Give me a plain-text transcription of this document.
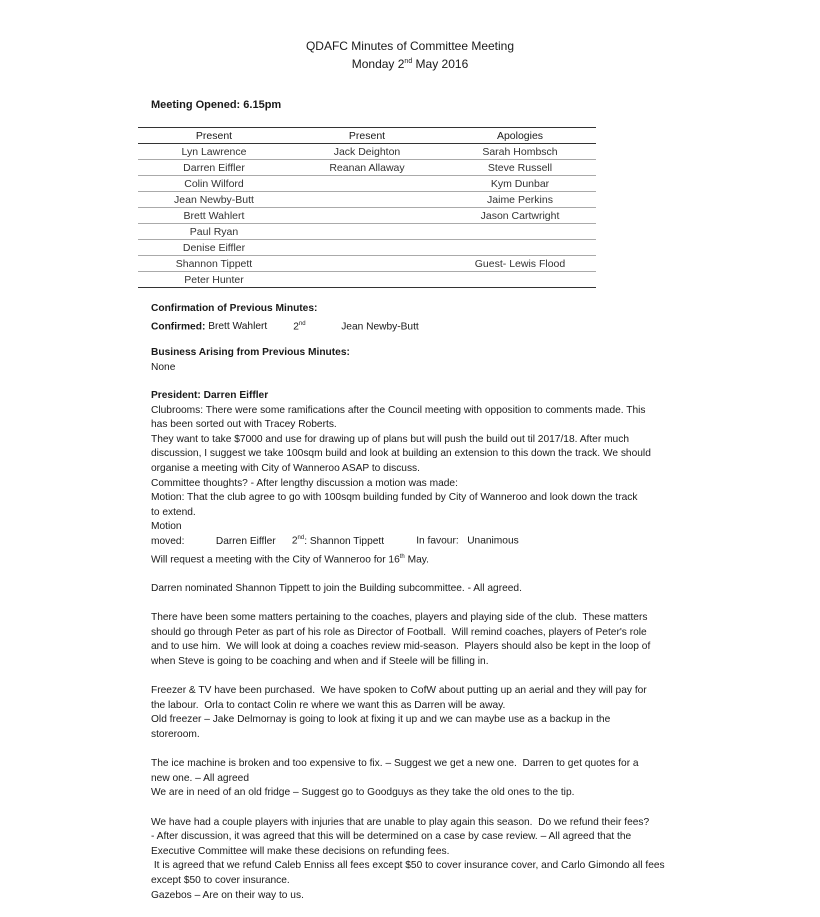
QDAFC Minutes of Committee Meeting
Monday 2nd May 2016
Meeting Opened: 6.15pm
Present	Present	Apologies
Lyn Lawrence	Jack Deighton	Sarah Hombsch
Darren Eiffler	Reanan Allaway	Steve Russell
Colin Wilford		Kym Dunbar
Jean Newby-Butt		Jaime Perkins
Brett Wahlert		Jason Cartwright
Paul Ryan		
Denise Eiffler		
Shannon Tippett		Guest- Lewis Flood
Peter Hunter		

Confirmation of Previous Minutes:

Confirmed: Brett Wahlert	2nd	Jean Newby-Butt

Business Arising from Previous Minutes:

None

President: Darren Eiffler

Clubrooms: There were some ramifications after the Council meeting with opposition to comments made. This

has been sorted out with Tracey Roberts.

They want to take $7000 and use for drawing up of plans but will push the build out til 2017/18. After much

discussion, I suggest we take 100sqm build and look at building an extension to this down the track. We should

organise a meeting with City of Wanneroo ASAP to discuss.

Committee thoughts? - After lengthy discussion a motion was made:

Motion: That the club agree to go with 100sqm building funded by City of Wanneroo and look down the track

to extend.

Motion moved:	Darren Eiffler 2nd: Shannon Tippett	In favour: Unanimous

Will request a meeting with the City of Wanneroo for 16th May.

Darren nominated Shannon Tippett to join the Building subcommittee. - All agreed.

There have been some matters pertaining to the coaches, players and playing side of the club.  These matters

should go through Peter as part of his role as Director of Football.  Will remind coaches, players of Peter's role

and to use him.  We will look at doing a coaches review mid-season.  Players should also be kept in the loop of

when Steve is going to be coaching and when and if Steele will be filling in.

Freezer & TV have been purchased.  We have spoken to CofW about putting up an aerial and they will pay for

the labour.  Orla to contact Colin re where we want this as Darren will be away.

Old freezer – Jake Delmornay is going to look at fixing it up and we can maybe use as a backup in the

storeroom.

The ice machine is broken and too expensive to fix. – Suggest we get a new one.  Darren to get quotes for a

new one. – All agreed

We are in need of an old fridge – Suggest go to Goodguys as they take the old ones to the tip.

We have had a couple players with injuries that are unable to play again this season.  Do we refund their fees?

- After discussion, it was agreed that this will be determined on a case by case review. – All agreed that the

Executive Committee will make these decisions on refunding fees.

It is agreed that we refund Caleb Enniss all fees except $50 to cover insurance cover, and Carlo Gimondo all fees

except $50 to cover insurance.

Gazebos – Are on their way to us.
